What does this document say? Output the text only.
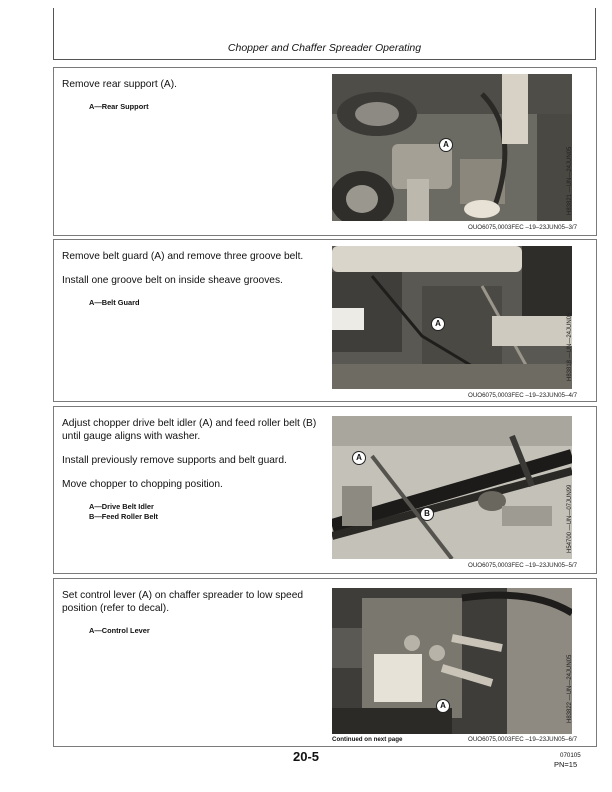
Chopper and Chaffer Spreader Operating

Remove rear support (A).

A—Rear Support
A
H83821 —UN—24JUN05
OUO6075,0003FEC –19–23JUN05–3/7

Remove belt guard (A) and remove three groove belt.

Install one groove belt on inside sheave grooves.

A—Belt Guard
A	H83818 —UN—24JUN05
OUO6075,0003FEC –19–23JUN05–4/7

Adjust chopper drive belt idler (A) and feed roller belt (B) until gauge aligns with washer.

Install previously remove supports and belt guard.

Move chopper to chopping position.

A—Drive Belt Idler
B—Feed Roller Belt
A
B	H54700 —UN—07JUN99
OUO6075,0003FEC –19–23JUN05–5/7

Set control lever (A) on chaffer spreader to low speed position (refer to decal).

A—Control Lever
A	H83822 —UN—24JUN05
Continued on next page	OUO6075,0003FEC –19–23JUN05–6/7
20-5	070105
PN=15
